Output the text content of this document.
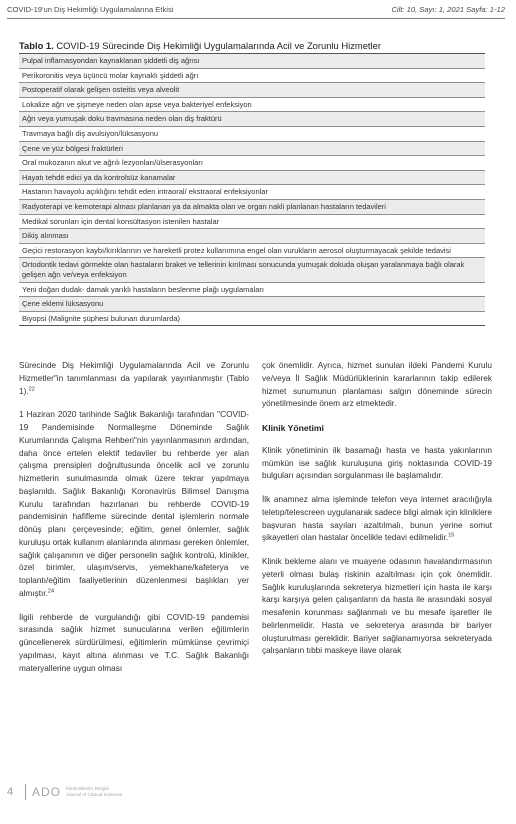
COVID-19'un Diş Hekimliği Uygulamalarına Etkisi	Cilt: 10, Sayı: 1, 2021 Sayfa: 1-12
Tablo 1. COVID-19 Sürecinde Diş Hekimliği Uygulamalarında Acil ve Zorunlu Hizmetler
Pulpal inflamasyondan kaynaklanan şiddetli diş ağrısı
Perikoronitis veya üçüncü molar kaynaklı şiddetli ağrı
Postoperatif olarak gelişen osteitis veya alveolit
Lokalize ağrı ve şişmeye neden olan apse veya bakteriyel enfeksiyon
Ağrı veya yumuşak doku travmasına neden olan diş fraktürü
Travmaya bağlı diş avulsiyon/lüksasyonu
Çene ve yüz bölgesi fraktürleri
Oral mukozanın akut ve ağrılı lezyonları/ülserasyonları
Hayatı tehdit edici ya da kontrolsüz kanamalar
Hastanın havayolu açıklığını tehdit eden intraoral/ ekstraoral enfeksiyonlar
Radyoterapi ve kemoterapi alması planlanan ya da almakta olan ve organ nakli planlanan hastaların tedavileri
Medikal sorunları için dental konsültasyon istenilen hastalar
Dikiş alınması
Geçici restorasyon kaybı/kırıklarının ve hareketli protez kullanımına engel olan vurukların aerosol oluşturmayacak şekilde tedavisi
Ortodontik tedavi görmekte olan hastaların braket ve tellerinin kırılması sonucunda yumuşak dokuda oluşan yaralanmaya bağlı olarak gelişen ağrı ve/veya enfeksiyon
Yeni doğan dudak- damak yarıklı hastaların beslenme plağı uygulamaları
Çene eklemi lüksasyonu
Biyopsi (Malignite şüphesi bulunan durumlarda)

Sürecinde Diş Hekimliği Uygulamalarında Acil ve Zorunlu Hizmetler"in tanımlanması da yapılarak yayınlanmıştır (Tablo 1).$^{22}$

1 Haziran 2020 tarihinde Sağlık Bakanlığı tarafından "COVID-19 Pandemisinde Normalleşme Döneminde Sağlık Kurumlarında Çalışma Rehberi"nin yayınlanmasının ardından, daha önce ertelen elektif tedaviler bu rehberde yer alan çalışma prensipleri doğrultusunda öncelik acil ve zorunlu hizmetlerin sunulmasında olmak üzere tekrar yapılmaya başlanıldı. Sağlık Bakanlığı Koronavirüs Bilimsel Danışma Kurulu tarafından hazırlanan bu rehberde COVID-19 pandemisinin hafifleme sürecinde dental işlemlerin normale dönüş planı çerçevesinde; eğitim, genel önlemler, sağlık kuruluşu ortak kullanım alanlarında alınması gereken önlemler, sağlık çalışanının ve diğer personelin sağlık kontrolü, klinikler, özel birimler, ulaşım/servis, yemekhane/kafeterya ve toplantı/eğitim faaliyetlerinin düzenlenmesi başlıkları yer almıştır.$^{24}$

İlgili rehberde de vurgulandığı gibi COVID-19 pandemisi sırasında sağlık hizmet sunucularına verilen eğitimlerin güncellenerek sürdürülmesi, eğitimlerin mümkünse çevrimiçi yapılması, kayıt altına alınması ve T.C. Sağlık Bakanlığı materyallerine uygun olması

çok önemlidir. Ayrıca, hizmet sunulan ildeki Pandemi Kurulu ve/veya İl Sağlık Müdürlüklerinin kararlarının takip edilerek hizmet sunumunun planlaması salgın döneminde sürecin yönetilmesinde önem arz etmektedir.

Klinik Yönetimi

Klinik yönetiminin ilk basamağı hasta ve hasta yakınlarının mümkün ise sağlık kuruluşuna giriş noktasında COVID-19 bulguları açısından sorgulanması ile başlamalıdır.

İlk anamnez alma işleminde telefon veya internet aracılığıyla teletıp/telescreen uygulanarak sadece bilgi almak için kliniklere başvuran hasta sayıları azaltılmalı, bunun yerine somut şikayetleri olan hastalar öncelikle tedavi edilmelidir.$^{15}$

Klinik bekleme alanı ve muayene odasının havalandırmasının yeterli olması bulaş riskinin azaltılması için çok önemlidir. Sağlık kuruluşlarında sekreterya hizmetleri için hasta ile karşı karşı karşıya gelen çalışanların da hasta ile arasındaki sosyal mesafenin korunması sağlanmalı ve bu mesafe işaretler ile belirlenmelidir. Hasta ve sekreterya arasında bir bariyer oluşturulması gereklidir. Bariyer sağlanamıyorsa sekreteryada çalışanların tıbbi maskeye ilave olarak

4	ADO Klinik Bilimler Dergisi
Journal of Clinical Sciences
